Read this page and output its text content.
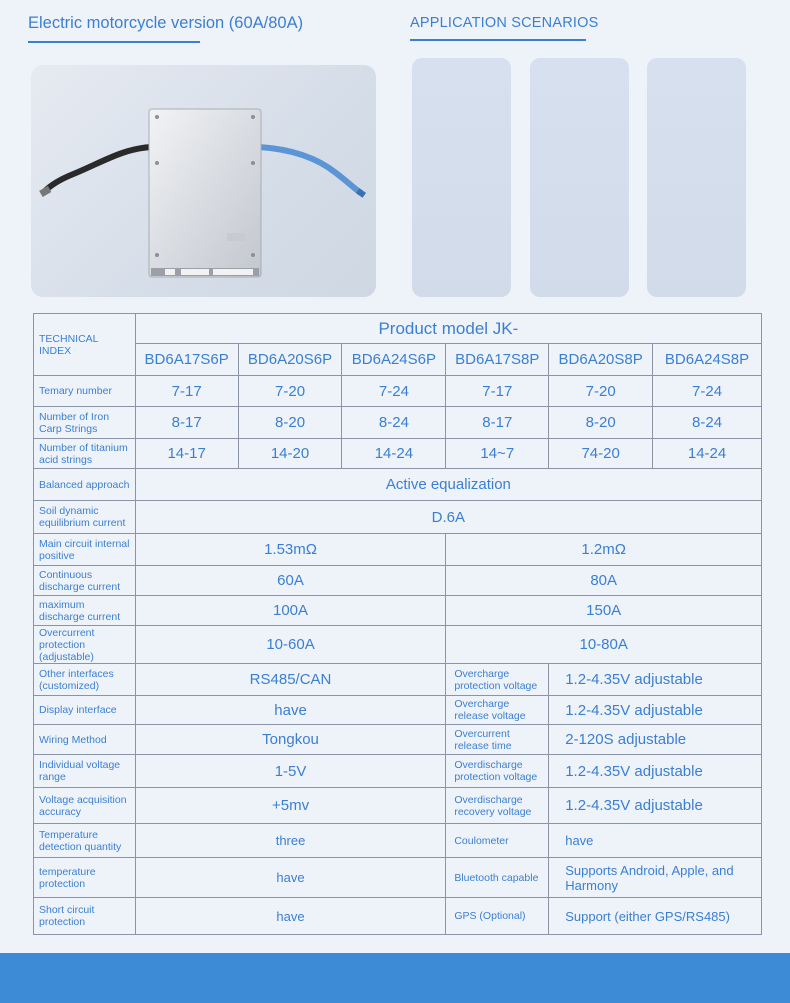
Electric motorcycle version (60A/80A)	APPLICATION SCENARIOS
TECHNICAL INDEX	Product model JK-					
	BD6A17S6P	BD6A20S6P	BD6A24S6P	BD6A17S8P	BD6A20S8P	BD6A24S8P
Temary number	7-17	7-20	7-24	7-17	7-20	7-24
Number of Iron Carp Strings	8-17	8-20	8-24	8-17	8-20	8-24
Number of titanium acid strings	14-17	14-20	14-24	14~7	74-20	14-24
Balanced approach	Active equalization					
Soil dynamic equilibrium current	D.6A					
Main circuit internal positive	1.53mΩ			1.2mΩ		
Continuous discharge current	60A			80A		
maximum discharge current	100A			150A		
Overcurrent protection (adjustable)	10-60A			10-80A		
Other interfaces (customized)	RS485/CAN			Overcharge protection voltage	1.2-4.35V adjustable	
Display interface	have			Overcharge release voltage	1.2-4.35V adjustable	
Wiring Method	Tongkou			Overcurrent release time	2-120S adjustable	
Individual voltage range	1-5V			Overdischarge protection voltage	1.2-4.35V adjustable	
Voltage acquisition accuracy	+5mv			Overdischarge recovery voltage	1.2-4.35V adjustable	
Temperature detection quantity	three			Coulometer	have	
temperature protection	have			Bluetooth capable	Supports Android, Apple, and Harmony	
Short circuit protection	have			GPS (Optional)	Support (either GPS/RS485)	
